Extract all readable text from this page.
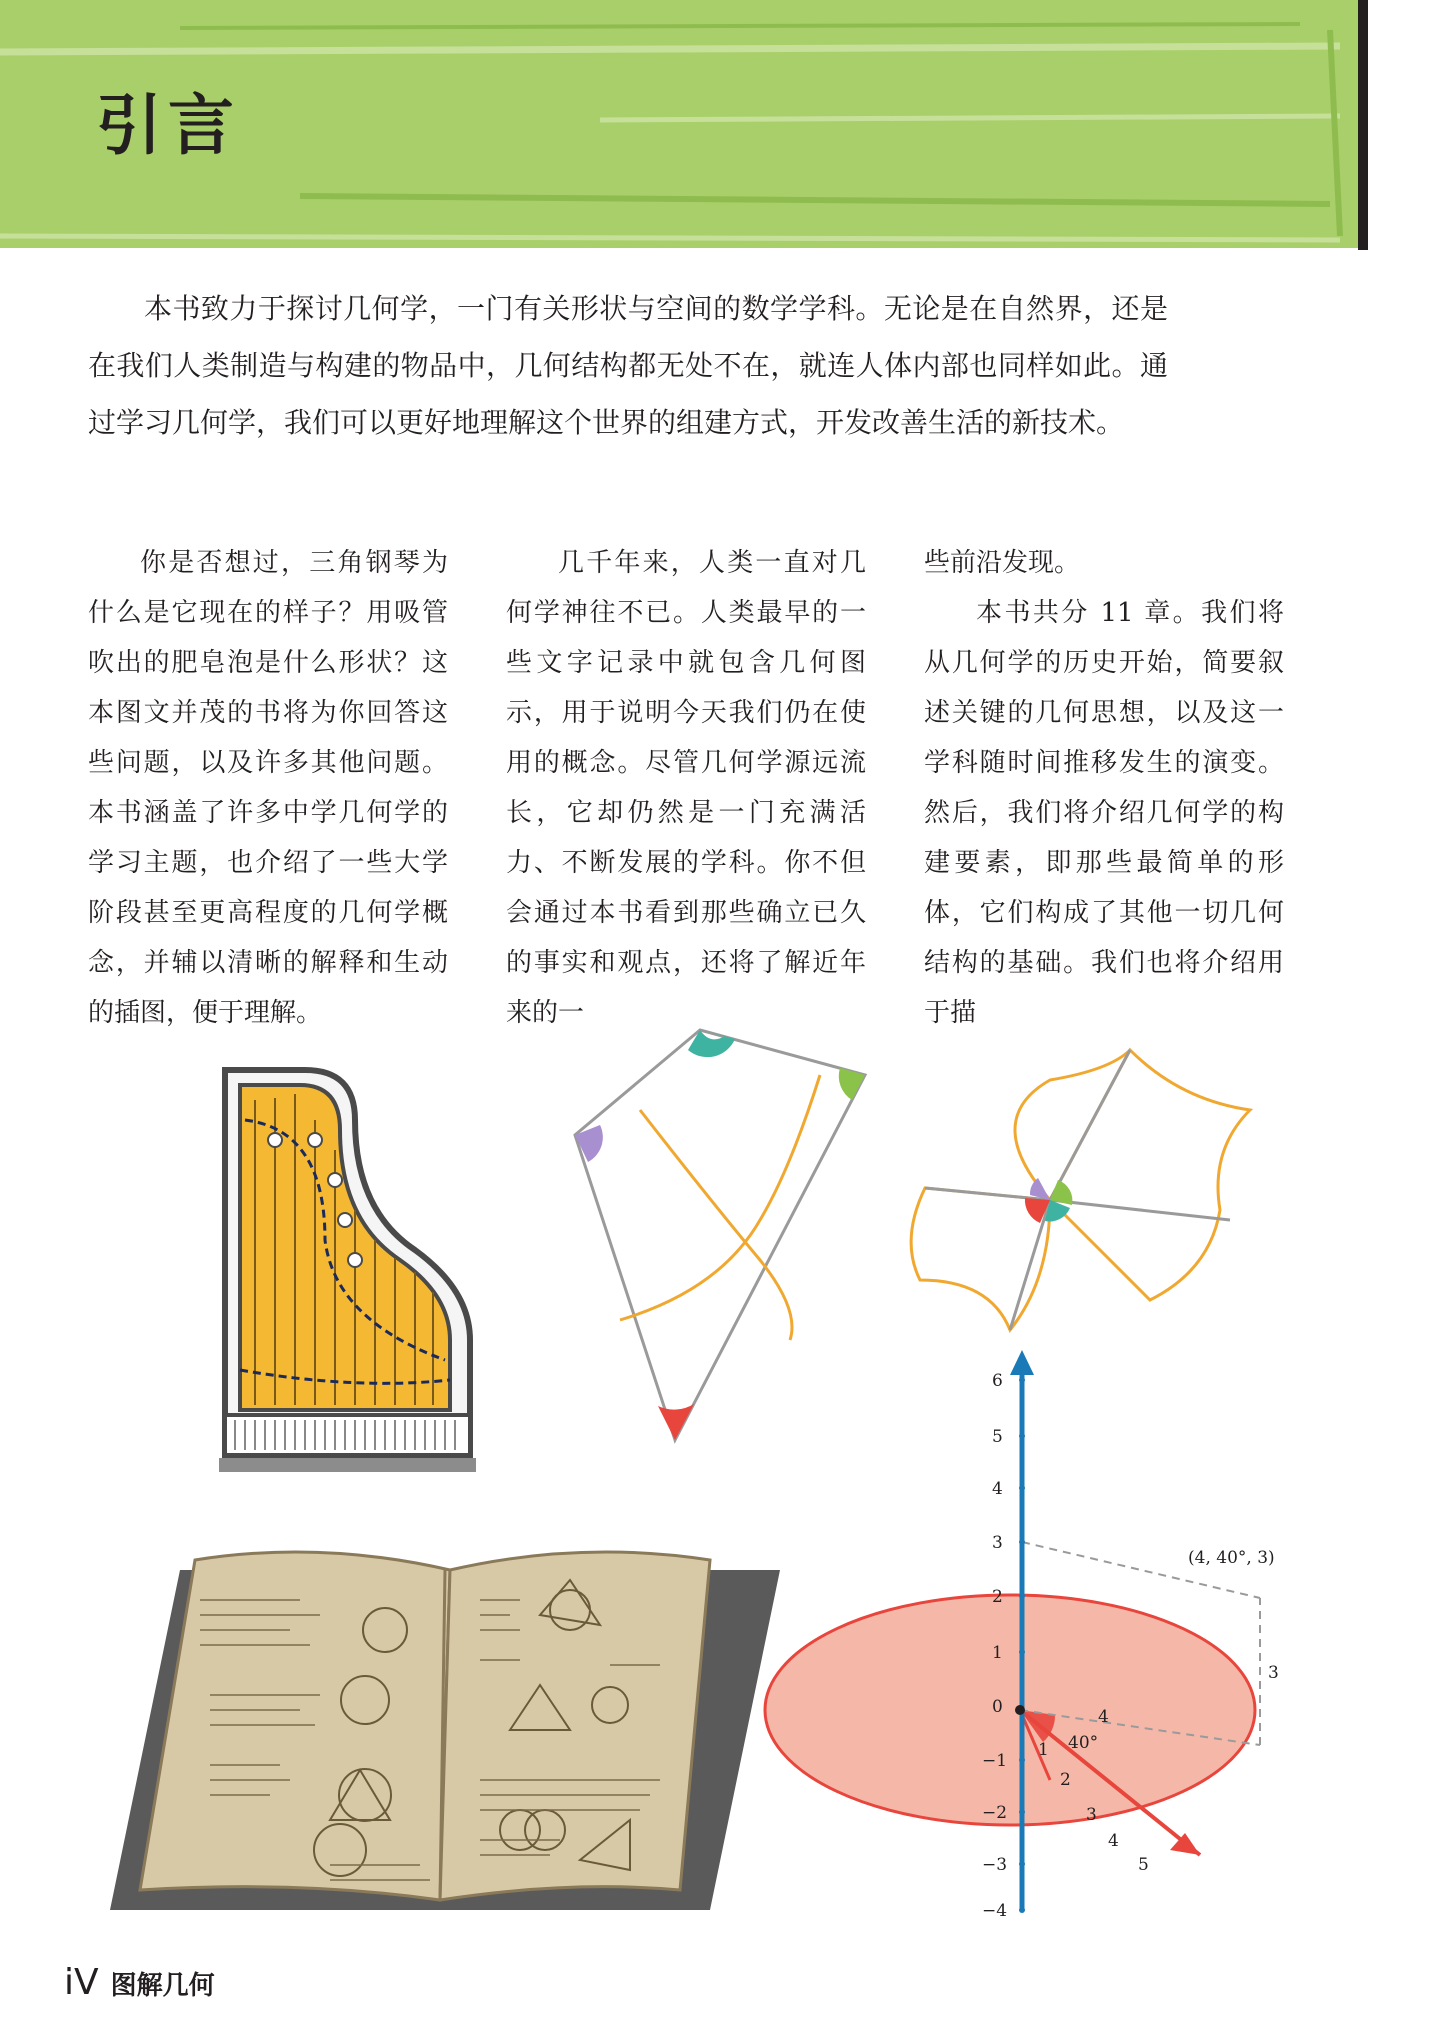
引言

本书致力于探讨几何学，一门有关形状与空间的数学学科。无论是在自然界，还是在我们人类制造与构建的物品中，几何结构都无处不在，就连人体内部也同样如此。通过学习几何学，我们可以更好地理解这个世界的组建方式，开发改善生活的新技术。

你是否想过，三角钢琴为什么是它现在的样子？用吸管吹出的肥皂泡是什么形状？这本图文并茂的书将为你回答这些问题，以及许多其他问题。本书涵盖了许多中学几何学的学习主题，也介绍了一些大学阶段甚至更高程度的几何学概念，并辅以清晰的解释和生动的插图，便于理解。

几千年来，人类一直对几何学神往不已。人类最早的一些文字记录中就包含几何图示，用于说明今天我们仍在使用的概念。尽管几何学源远流长，它却仍然是一门充满活力、不断发展的学科。你不但会通过本书看到那些确立已久的事实和观点，还将了解近年来的一

些前沿发现。

本书共分 11 章。我们将从几何学的历史开始，简要叙述关键的几何思想，以及这一学科随时间推移发生的演变。然后，我们将介绍几何学的构建要素，即那些最简单的形体，它们构成了其他一切几何结构的基础。我们也将介绍用于描

6
5
4
3
2
1
0
−1
−2
−3
−4
(4, 40°, 3)
3
4
40°
1
2
3
4
5
iV 图解几何
